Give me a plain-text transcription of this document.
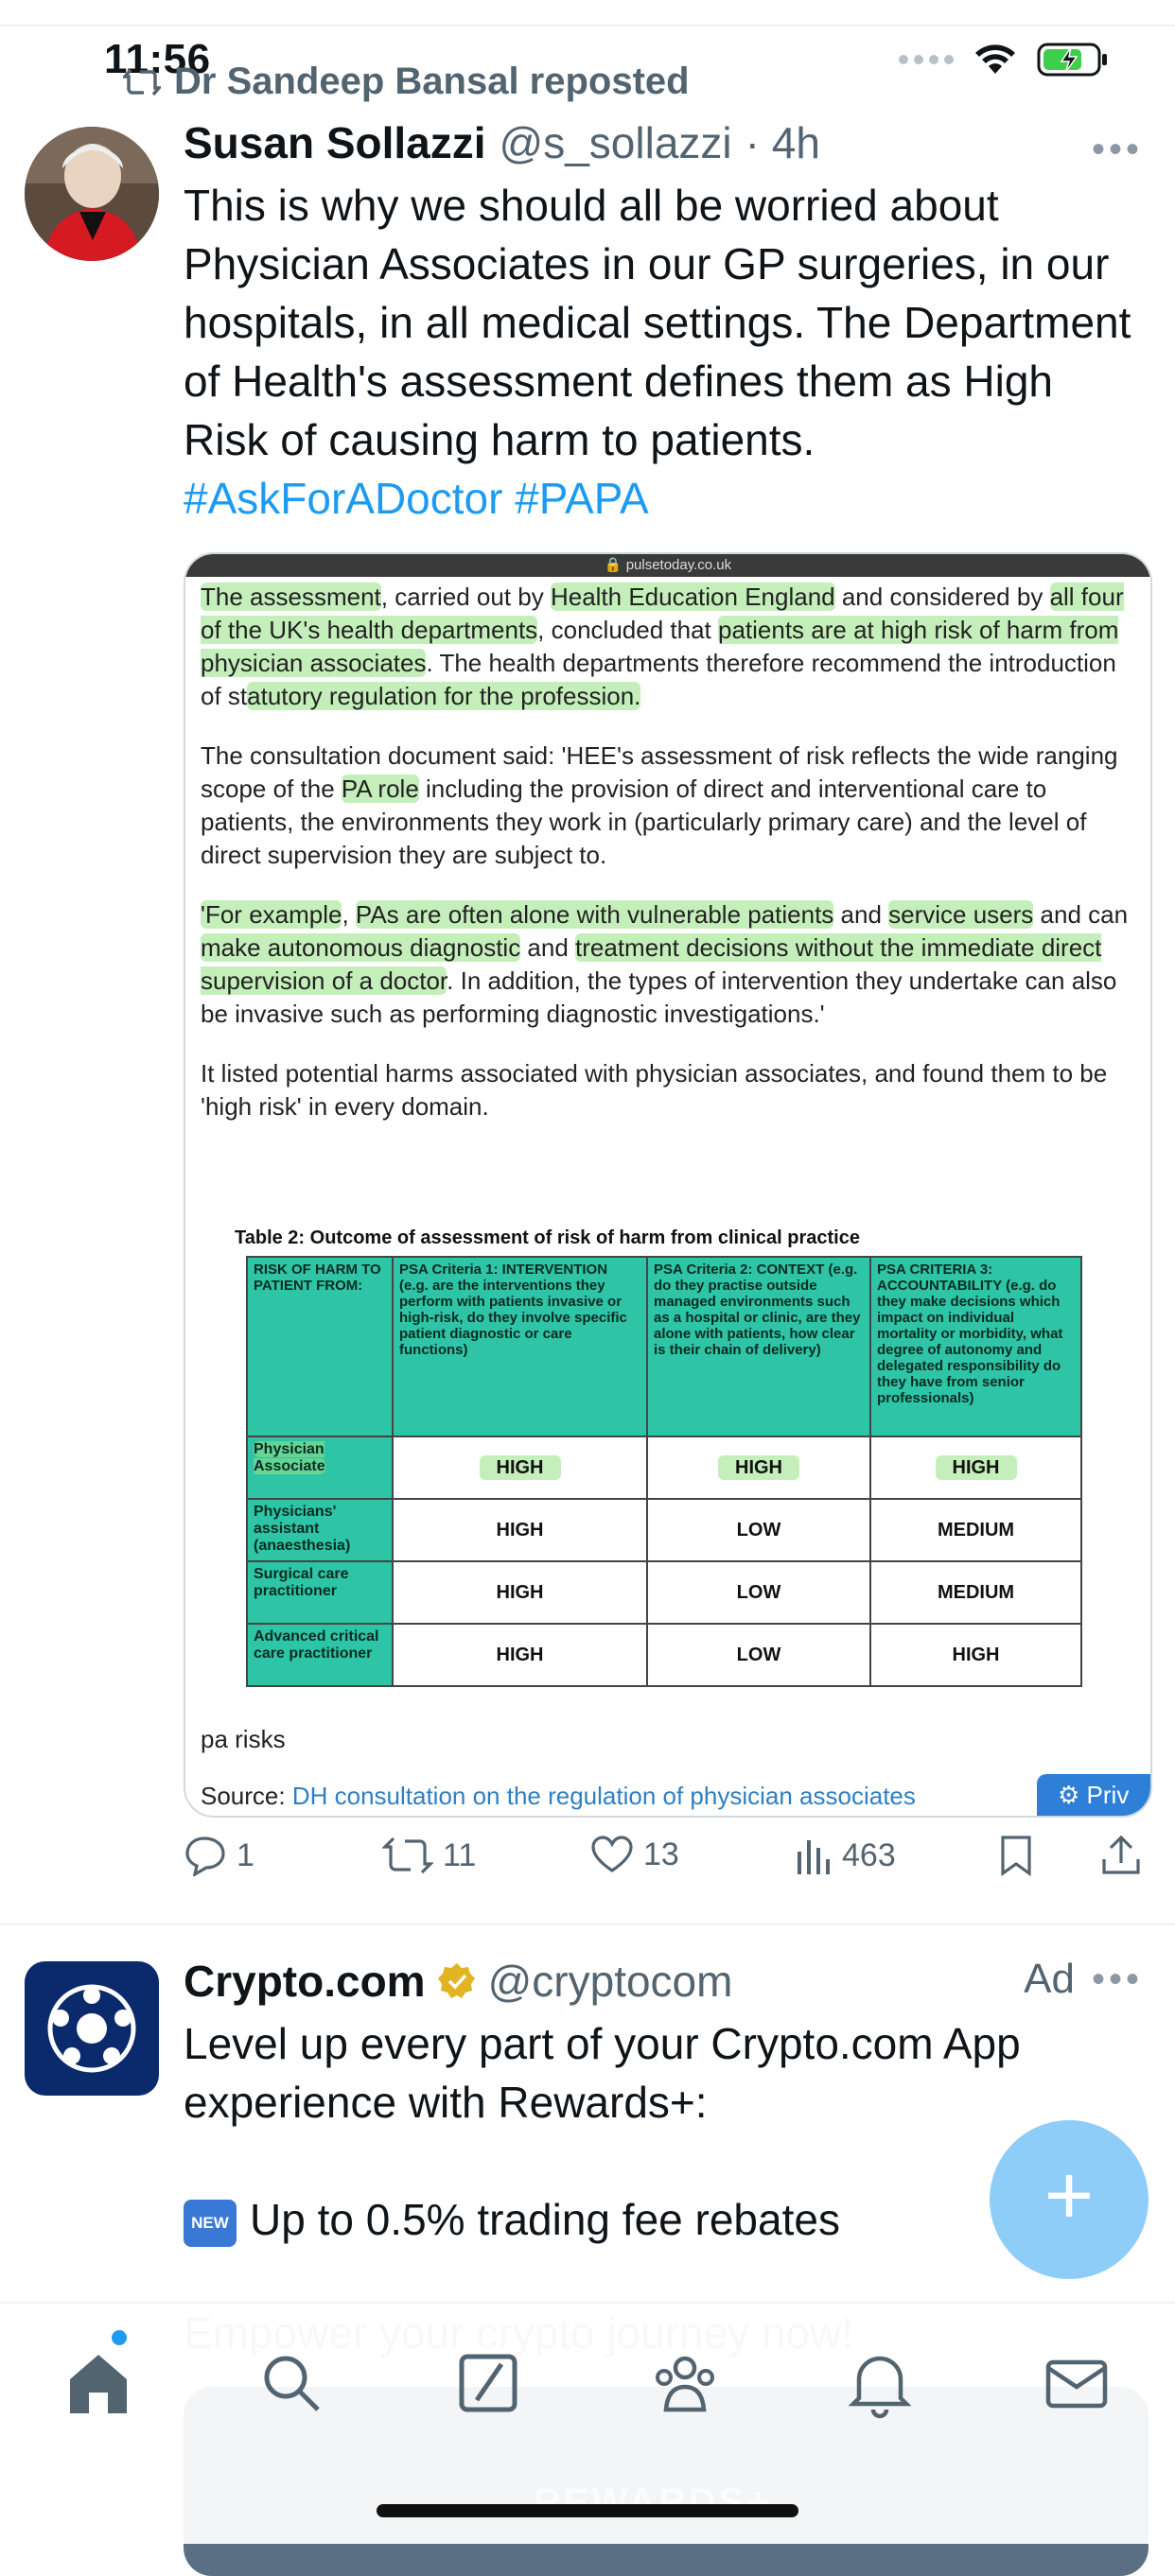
11:56
Dr Sandeep Bansal reposted
Susan Sollazzi @s_sollazzi · 4h	•••
This is why we should all be worried about Physician Associates in our GP surgeries, in our hospitals, in all medical settings. The Department of Health's assessment defines them as High Risk of causing harm to patients.
#AskForADoctor #PAPA
🔒 pulsetoday.co.uk

The assessment, carried out by Health Education England and considered by all four of the UK's health departments, concluded that patients are at high risk of harm from physician associates. The health departments therefore recommend the introduction of statutory regulation for the profession.

The consultation document said: 'HEE's assessment of risk reflects the wide ranging scope of the PA role including the provision of direct and interventional care to patients, the environments they work in (particularly primary care) and the level of direct supervision they are subject to.

'For example, PAs are often alone with vulnerable patients and service users and can make autonomous diagnostic and treatment decisions without the immediate direct supervision of a doctor. In addition, the types of intervention they undertake can also be invasive such as performing diagnostic investigations.'

It listed potential harms associated with physician associates, and found them to be 'high risk' in every domain.

Table 2: Outcome of assessment of risk of harm from clinical practice
RISK OF HARM TO PATIENT FROM:	PSA Criteria 1: INTERVENTION (e.g. are the interventions they perform with patients invasive or high-risk, do they involve specific patient diagnostic or care functions)	PSA Criteria 2: CONTEXT (e.g. do they practise outside managed environments such as a hospital or clinic, are they alone with patients, how clear is their chain of delivery)	PSA CRITERIA 3: ACCOUNTABILITY (e.g. do they make decisions which impact on individual mortality or morbidity, what degree of autonomy and delegated responsibility do they have from senior professionals)
Physician Associate	HIGH	HIGH	HIGH
Physicians' assistant (anaesthesia)	HIGH	LOW	MEDIUM
Surgical care practitioner	HIGH	LOW	MEDIUM
Advanced critical care practitioner	HIGH	LOW	HIGH
pa risks
Source: DH consultation on the regulation of physician associates	⚙ Priv
1	11	13	463
Crypto.com @cryptocom	Ad •••
Level up every part of your Crypto.com App experience with Rewards+:

NEW Up to 0.5% trading fee rebates	+
